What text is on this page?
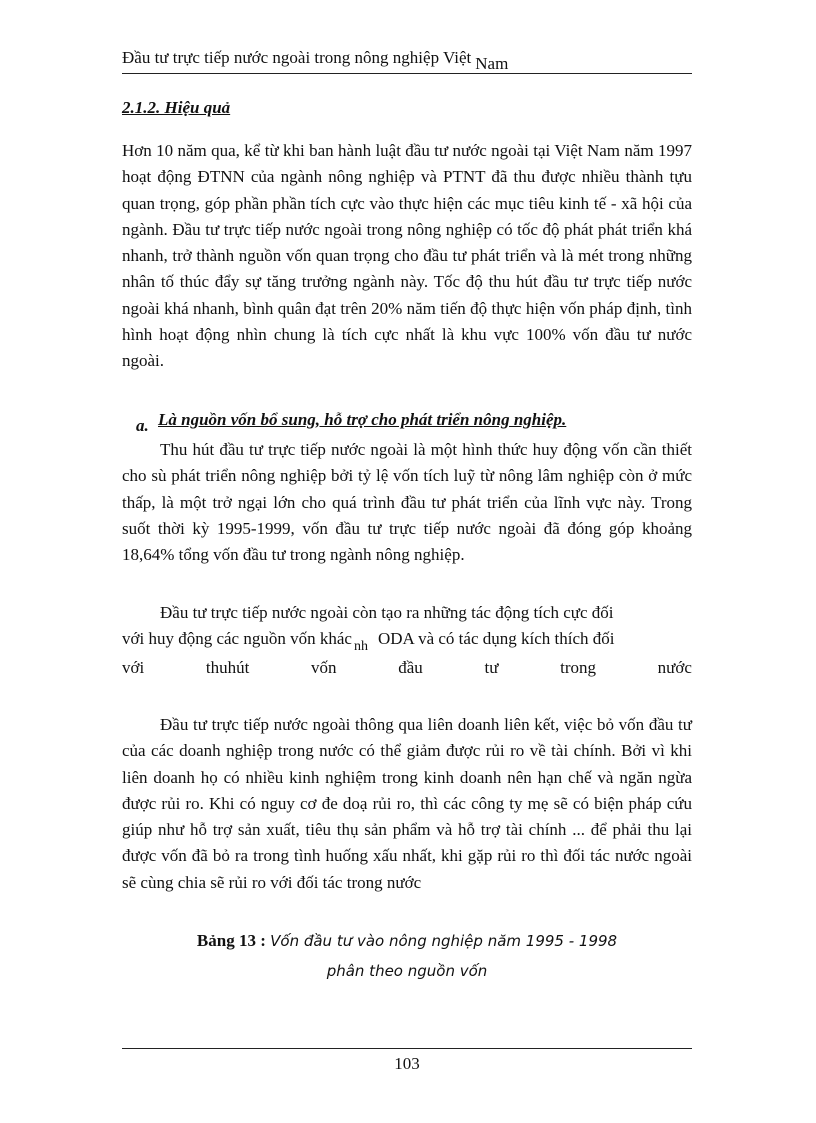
Đầu tư trực tiếp nước ngoài trong nông nghiệp Việt Nam
2.1.2. Hiệu quả

Hơn 10 năm qua, kể từ khi ban hành luật đầu tư nước ngoài tại Việt Nam năm 1997 hoạt động ĐTNN của ngành nông nghiệp và PTNT đã thu được nhiều thành tựu quan trọng, góp phần phần tích cực vào thực hiện các mục tiêu kinh tế - xã hội của ngành. Đầu tư trực tiếp nước ngoài trong nông nghiệp có tốc độ phát phát triển khá nhanh, trở thành nguồn vốn quan trọng cho đầu tư phát triển và là mét trong những nhân tố thúc đẩy sự tăng trưởng ngành này. Tốc độ thu hút đầu tư trực tiếp nước ngoài khá nhanh, bình quân đạt trên 20% năm tiến độ thực hiện vốn pháp định, tình hình hoạt động nhìn chung là tích cực nhất là khu vực 100% vốn đầu tư nước ngoài.

a. Là nguồn vốn bổ sung, hỗ trợ cho phát triển nông nghiệp.

Thu hút đầu tư trực tiếp nước ngoài là một hình thức huy động vốn cần thiết cho sù phát triển nông nghiệp bởi tỷ lệ vốn tích luỹ từ nông lâm nghiệp còn ở mức thấp, là một trở ngại lớn cho quá trình đầu tư phát triển của lĩnh vực này. Trong suốt thời kỳ 1995-1999, vốn đầu tư trực tiếp nước ngoài đã đóng góp khoảng 18,64% tổng vốn đầu tư trong ngành nông nghiệp.

Đầu tư trực tiếp nước ngoài còn tạo ra những tác động tích cực đối
với huy động các nguồn vốn khác $_{nh}$ ODA và có tác dụng kích thích đối
với	thuhút	vốn	đầu	tư	trong	nước

Đầu tư trực tiếp nước ngoài thông qua liên doanh liên kết, việc bỏ vốn đầu tư của các doanh nghiệp trong nước có thể giảm được rủi ro về tài chính. Bởi vì khi liên doanh họ có nhiều kinh nghiệm trong kinh doanh nên hạn chế và ngăn ngừa được rủi ro. Khi có nguy cơ đe doạ rủi ro, thì các công ty mẹ sẽ có biện pháp cứu giúp như hỗ trợ sản xuất, tiêu thụ sản phẩm và hỗ trợ tài chính ... để phải thu lại được vốn đã bỏ ra trong tình huống xấu nhất, khi gặp rủi ro thì đối tác nước ngoài sẽ cùng chia sẽ rủi ro với đối tác trong nước

Bảng 13 : Vốn đầu tư vào nông nghiệp năm 1995 - 1998
phân theo nguồn vốn
103
